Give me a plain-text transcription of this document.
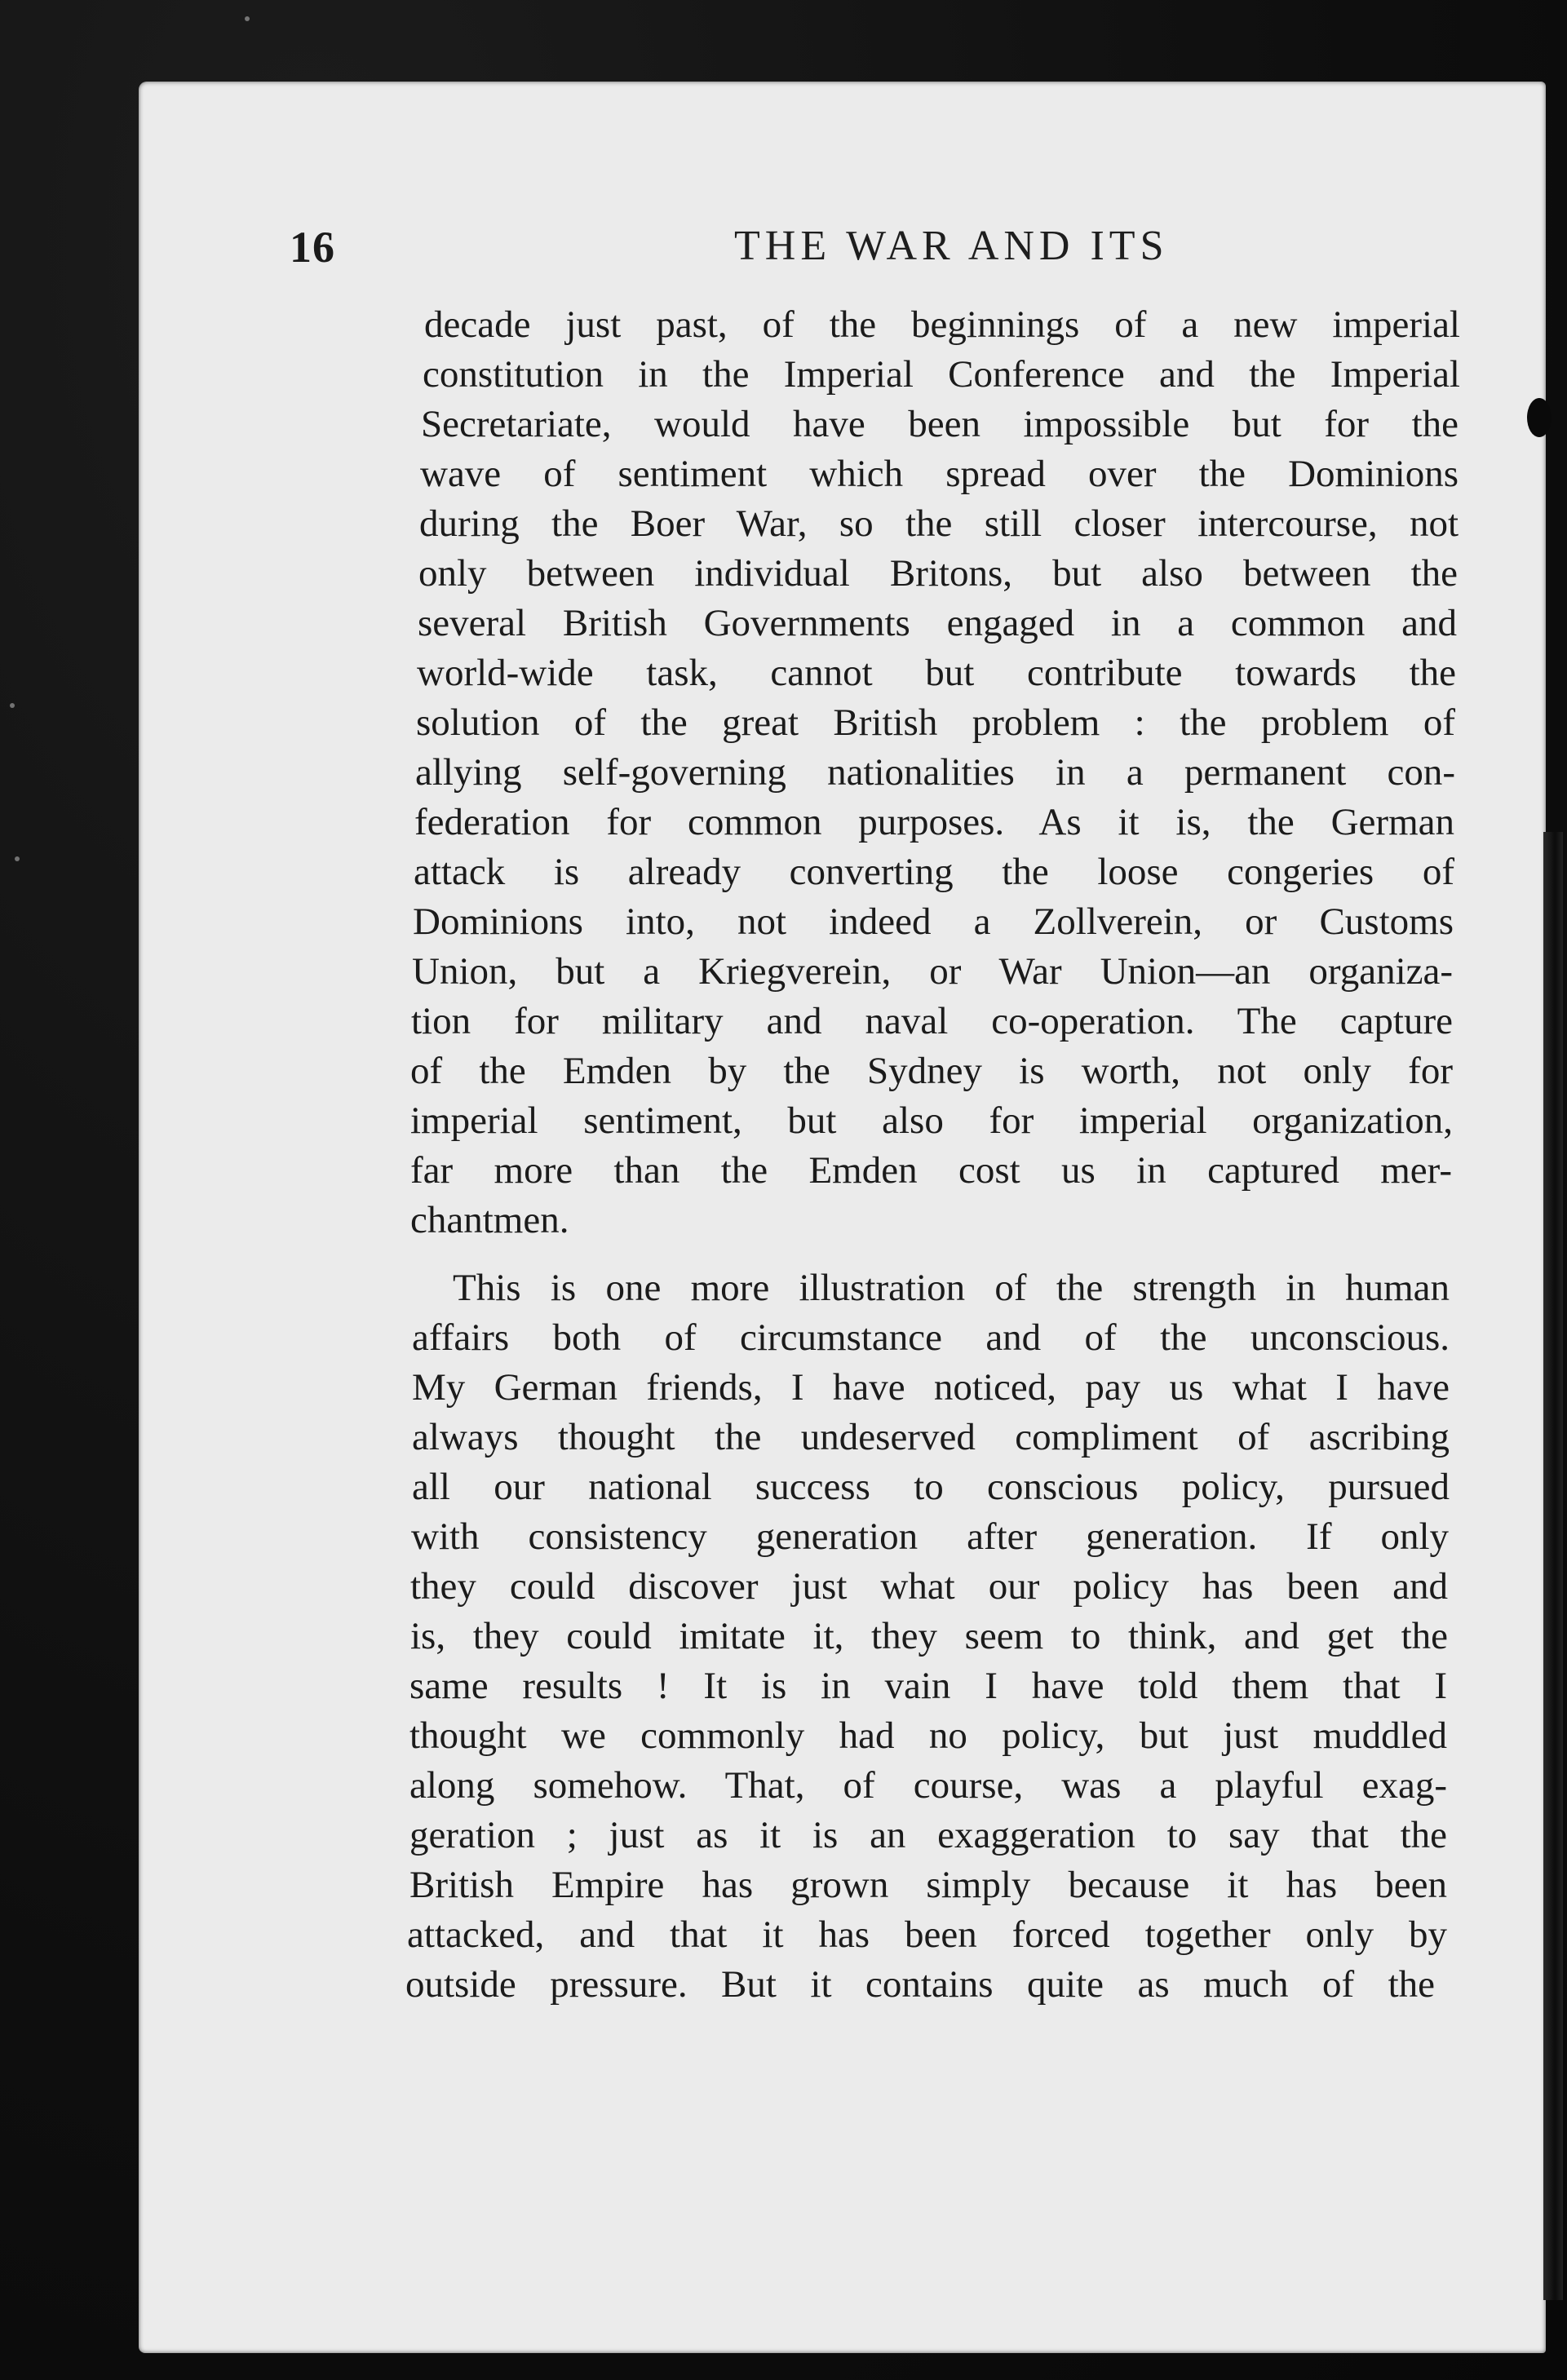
16	THE WAR AND ITS
decade just past, of the beginnings of a new imperial
constitution in the Imperial Conference and the Imperial
Secretariate, would have been impossible but for the
wave of sentiment which spread over the Dominions
during the Boer War, so the still closer intercourse, not
only between individual Britons, but also between the
several British Governments engaged in a common and
world-wide task, cannot but contribute towards the
solution of the great British problem : the problem of
allying self-governing nationalities in a permanent con-
federation for common purposes. As it is, the German
attack is already converting the loose congeries of
Dominions into, not indeed a Zollverein, or Customs
Union, but a Kriegverein, or War Union—an organiza-
tion for military and naval co-operation. The capture
of the Emden by the Sydney is worth, not only for
imperial sentiment, but also for imperial organization,
far more than the Emden cost us in captured mer-
chantmen.
This is one more illustration of the strength in human
affairs both of circumstance and of the unconscious.
My German friends, I have noticed, pay us what I have
always thought the undeserved compliment of ascribing
all our national success to conscious policy, pursued
with consistency generation after generation. If only
they could discover just what our policy has been and
is, they could imitate it, they seem to think, and get the
same results ! It is in vain I have told them that I
thought we commonly had no policy, but just muddled
along somehow. That, of course, was a playful exag-
geration ; just as it is an exaggeration to say that the
British Empire has grown simply because it has been
attacked, and that it has been forced together only by
outside pressure. But it contains quite as much of the
